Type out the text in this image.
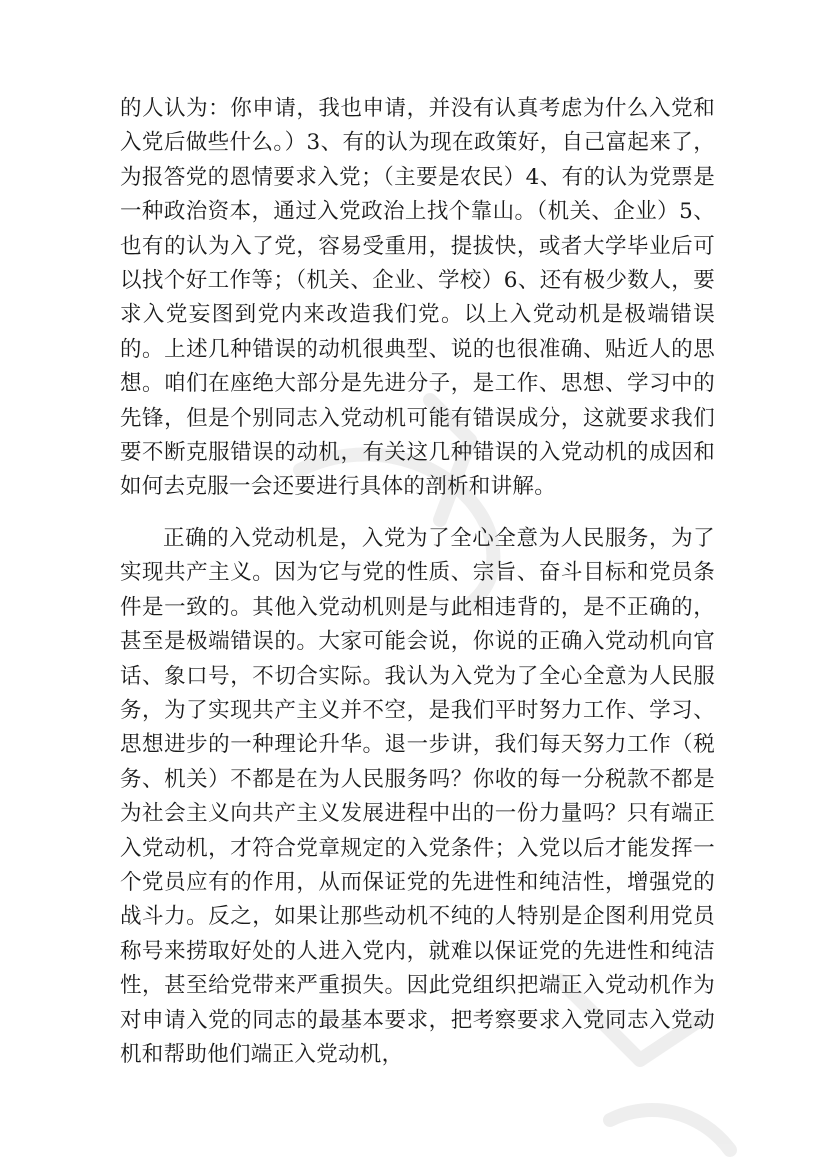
的人认为：你申请，我也申请，并没有认真考虑为什么入党和入党后做些什么。）3、有的认为现在政策好，自己富起来了，为报答党的恩情要求入党；（主要是农民）4、有的认为党票是一种政治资本，通过入党政治上找个靠山。（机关、企业）5、也有的认为入了党，容易受重用，提拔快，或者大学毕业后可以找个好工作等；（机关、企业、学校）6、还有极少数人，要求入党妄图到党内来改造我们党。以上入党动机是极端错误的。上述几种错误的动机很典型、说的也很准确、贴近人的思想。咱们在座绝大部分是先进分子，是工作、思想、学习中的先锋，但是个别同志入党动机可能有错误成分，这就要求我们要不断克服错误的动机，有关这几种错误的入党动机的成因和如何去克服一会还要进行具体的剖析和讲解。

正确的入党动机是，入党为了全心全意为人民服务，为了实现共产主义。因为它与党的性质、宗旨、奋斗目标和党员条件是一致的。其他入党动机则是与此相违背的，是不正确的，甚至是极端错误的。大家可能会说，你说的正确入党动机向官话、象口号，不切合实际。我认为入党为了全心全意为人民服务，为了实现共产主义并不空，是我们平时努力工作、学习、思想进步的一种理论升华。退一步讲，我们每天努力工作（税务、机关）不都是在为人民服务吗？你收的每一分税款不都是为社会主义向共产主义发展进程中出的一份力量吗？只有端正入党动机，才符合党章规定的入党条件；入党以后才能发挥一个党员应有的作用，从而保证党的先进性和纯洁性，增强党的战斗力。反之，如果让那些动机不纯的人特别是企图利用党员称号来捞取好处的人进入党内，就难以保证党的先进性和纯洁性，甚至给党带来严重损失。因此党组织把端正入党动机作为对申请入党的同志的最基本要求，把考察要求入党同志入党动机和帮助他们端正入党动机，
